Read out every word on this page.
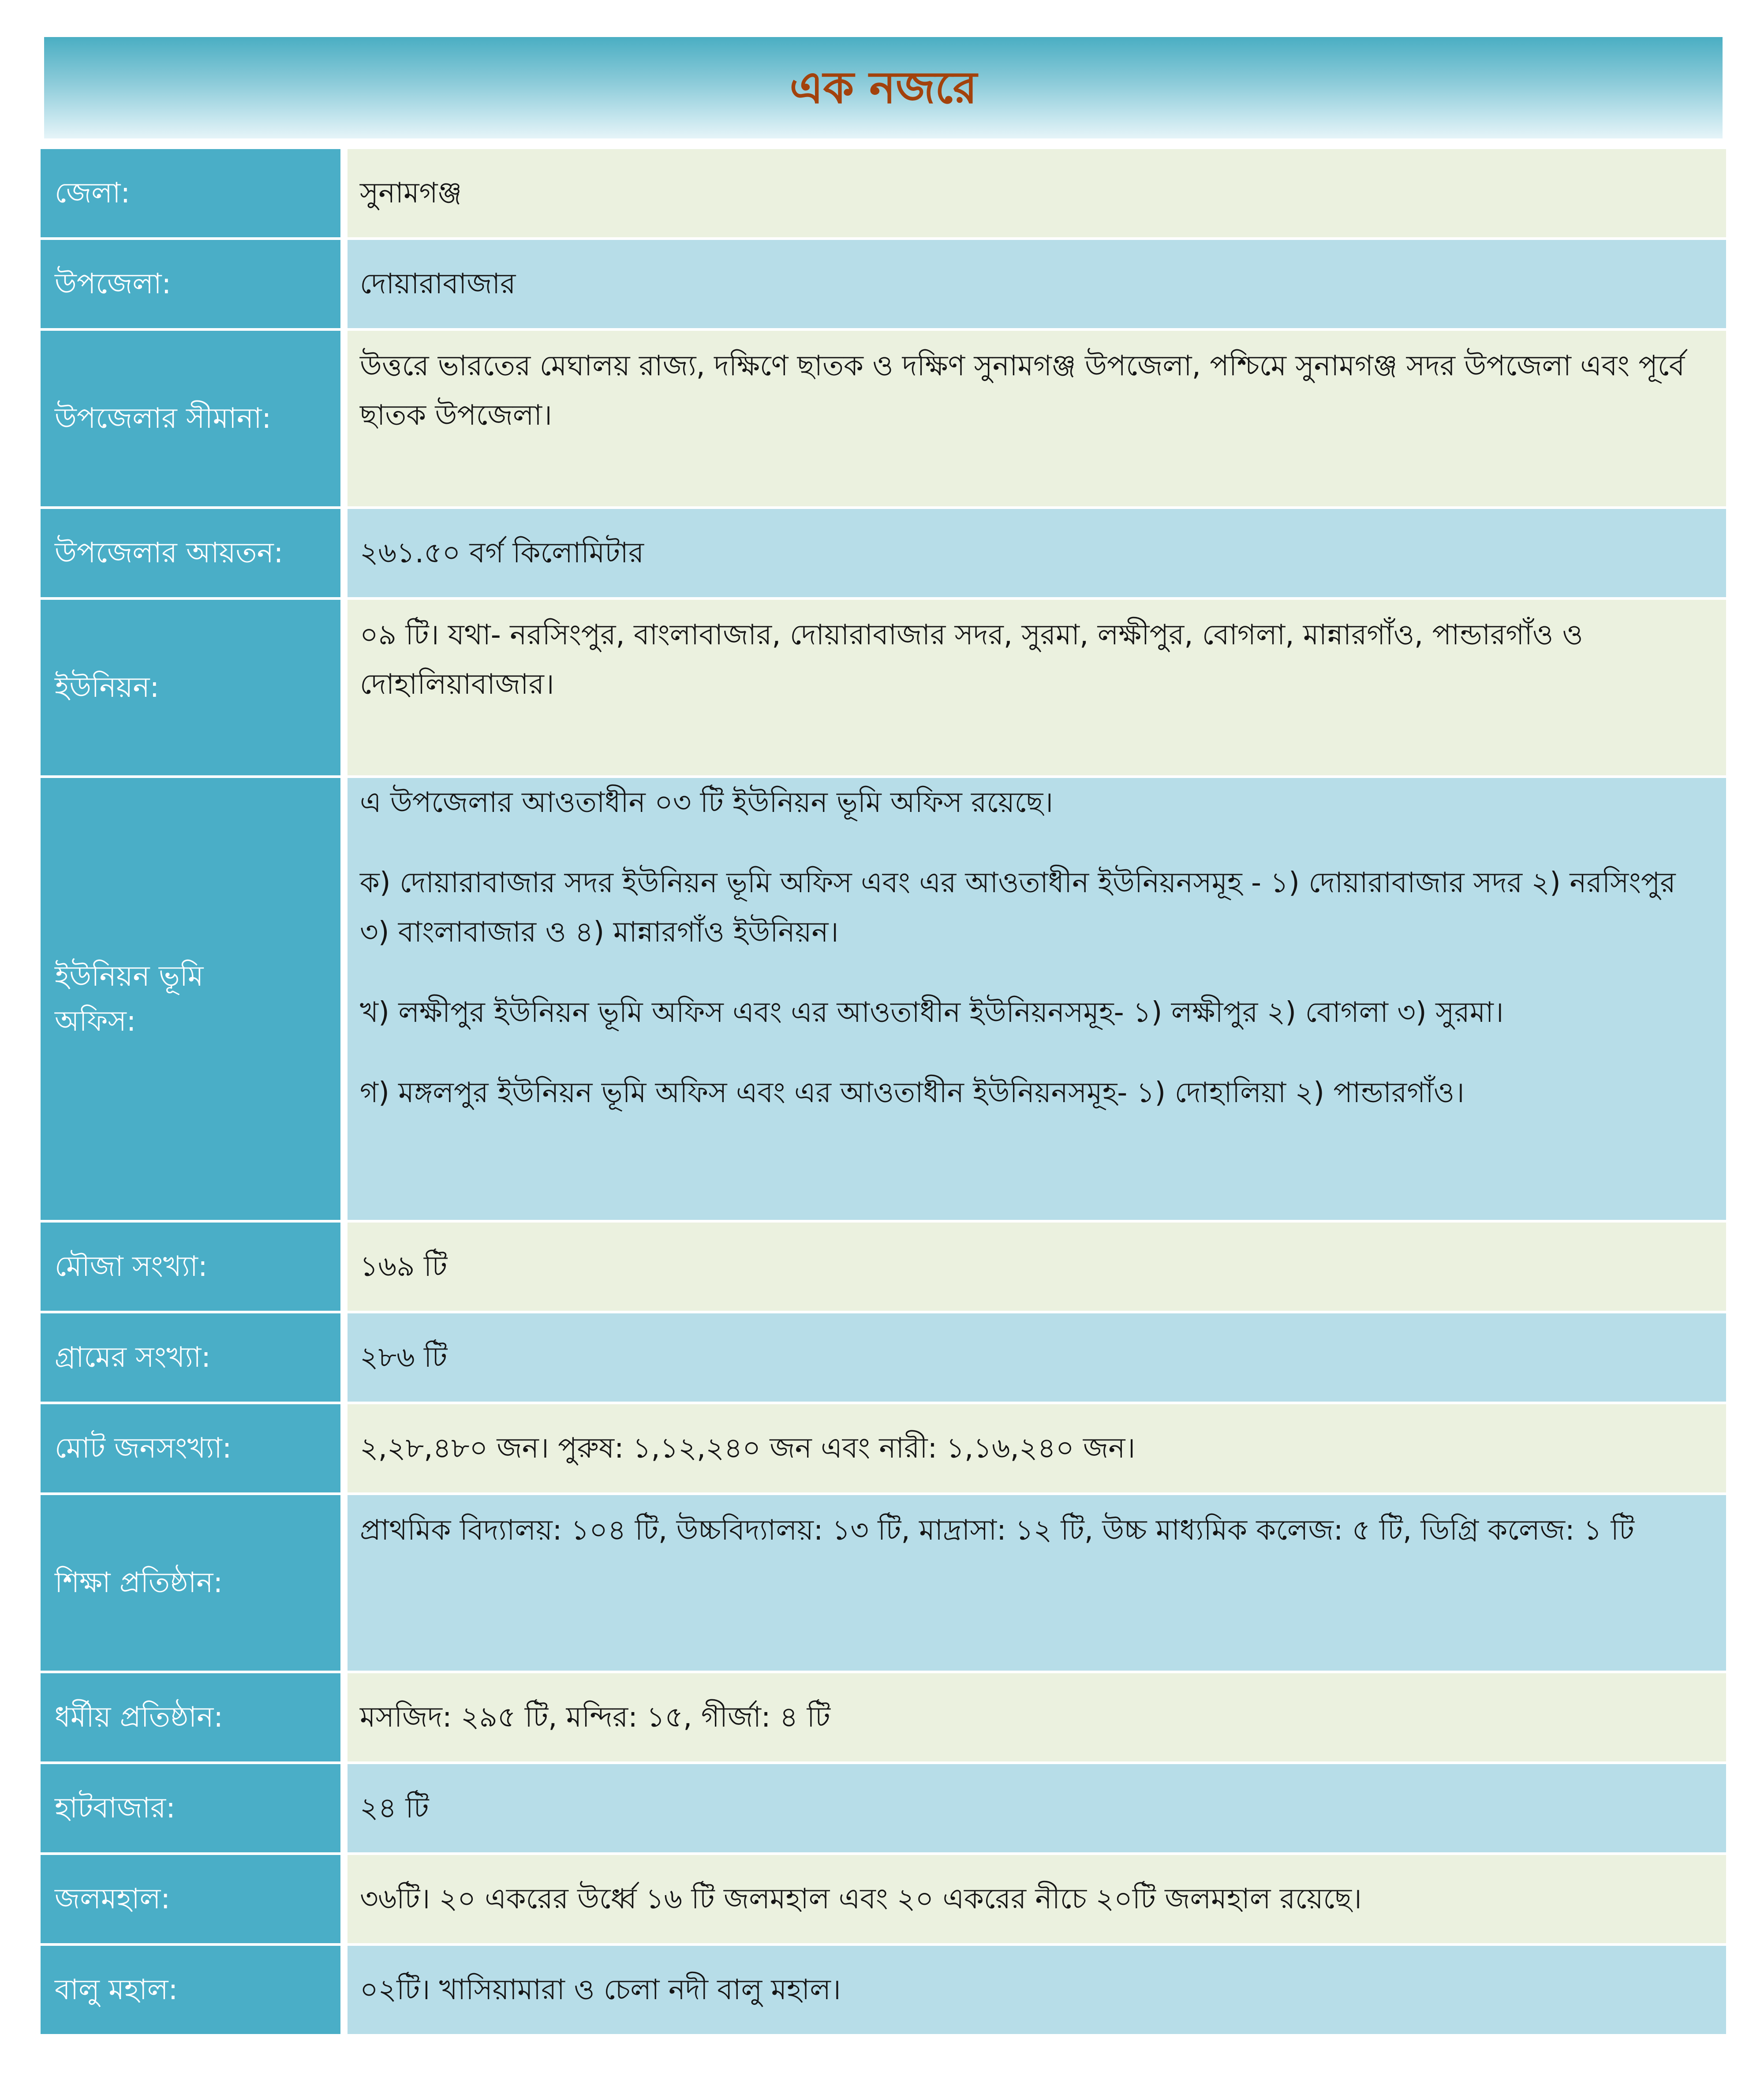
এক নজরে
জেলা:	সুনামগঞ্জ
উপজেলা:	দোয়ারাবাজার
উপজেলার সীমানা:
উত্তরে ভারতের মেঘালয় রাজ্য, দক্ষিণে ছাতক ও দক্ষিণ সুনামগঞ্জ উপজেলা, পশ্চিমে সুনামগঞ্জ সদর উপজেলা এবং পূর্বে ছাতক উপজেলা।
উপজেলার আয়তন:	২৬১.৫০ বর্গ কিলোমিটার
ইউনিয়ন:
০৯ টি। যথা- নরসিংপুর, বাংলাবাজার, দোয়ারাবাজার সদর, সুরমা, লক্ষীপুর, বোগলা, মান্নারগাঁও, পান্ডারগাঁও ও দোহালিয়াবাজার।
ইউনিয়ন ভূমি
অফিস:
এ উপজেলার আওতাধীন ০৩ টি ইউনিয়ন ভূমি অফিস রয়েছে।
ক) দোয়ারাবাজার সদর ইউনিয়ন ভূমি অফিস এবং এর আওতাধীন ইউনিয়নসমূহ - ১) দোয়ারাবাজার সদর ২) নরসিংপুর ৩) বাংলাবাজার ও ৪) মান্নারগাঁও ইউনিয়ন।
খ) লক্ষীপুর ইউনিয়ন ভূমি অফিস এবং এর আওতাধীন ইউনিয়নসমূহ- ১) লক্ষীপুর ২) বোগলা ৩) সুরমা।
গ) মঙ্গলপুর ইউনিয়ন ভূমি অফিস এবং এর আওতাধীন ইউনিয়নসমূহ- ১) দোহালিয়া ২) পান্ডারগাঁও।
মৌজা সংখ্যা:	১৬৯ টি
গ্রামের সংখ্যা:	২৮৬ টি
মোট জনসংখ্যা:	২,২৮,৪৮০ জন। পুরুষ: ১,১২,২৪০ জন এবং নারী: ১,১৬,২৪০ জন।
শিক্ষা প্রতিষ্ঠান:
প্রাথমিক বিদ্যালয়: ১০৪ টি, উচ্চবিদ্যালয়: ১৩ টি, মাদ্রাসা: ১২ টি, উচ্চ মাধ্যমিক কলেজ: ৫ টি, ডিগ্রি কলেজ: ১ টি
ধর্মীয় প্রতিষ্ঠান:	মসজিদ: ২৯৫ টি, মন্দির: ১৫, গীর্জা: ৪ টি
হাটবাজার:	২৪ টি
জলমহাল:	৩৬টি। ২০ একরের উর্ধ্বে ১৬ টি জলমহাল এবং ২০ একরের নীচে ২০টি জলমহাল রয়েছে।
বালু মহাল:	০২টি। খাসিয়ামারা ও চেলা নদী বালু মহাল।
